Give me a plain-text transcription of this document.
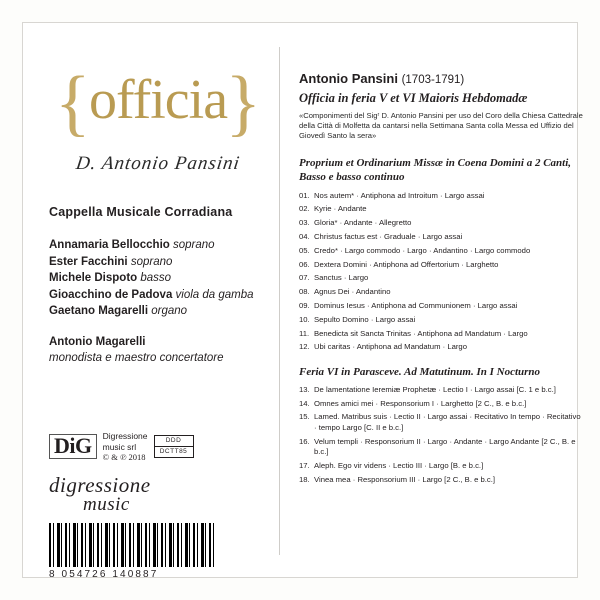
{ }
officia
D. Antonio Pansini
Cappella Musicale Corradiana
Annamaria Bellocchio soprano
Ester Facchini soprano
Michele Dispoto basso
Gioacchino de Padova viola da gamba
Gaetano Magarelli organo
Antonio Magarelli
monodista e maestro concertatore
DiG	Digressione
music srl
© & ℗ 2018
DDD
DCTT85
digressione
music
8 054726 140887
Antonio Pansini (1703-1791)
Officia in feria V et VI Maioris Hebdomadæ
«Componimenti del Sigʳ D. Antonio Pansini per uso del Coro della Chiesa Cattedrale della Città di Molfetta da cantarsi nella Settimana Santa colla Messa ed Uffizio del Giovedì Santo la sera»
Proprium et Ordinarium Missæ in Coena Domini a 2 Canti, Basso e basso continuo
01. Nos autem* · Antiphona ad Introitum · Largo assai
02. Kyrie · Andante
03. Gloria* · Andante · Allegretto
04. Christus factus est · Graduale · Largo assai
05. Credo* · Largo commodo · Largo · Andantino · Largo commodo
06. Dextera Domini · Antiphona ad Offertorium · Larghetto
07. Sanctus · Largo
08. Agnus Dei · Andantino
09. Dominus Iesus · Antiphona ad Communionem · Largo assai
10. Sepulto Domino · Largo assai
11. Benedicta sit Sancta Trinitas · Antiphona ad Mandatum · Largo
12. Ubi caritas · Antiphona ad Mandatum · Largo
Feria VI in Parasceve. Ad Matutinum. In I Nocturno
13. De lamentatione Ieremiæ Prophetæ · Lectio I · Largo assai [C. 1 e b.c.]
14. Omnes amici mei · Responsorium I · Larghetto [2 C., B. e b.c.]
15. Lamed. Matribus suis · Lectio II · Largo assai · Recitativo In tempo · Recitativo · tempo Largo [C. II e b.c.]
16. Velum templi · Responsorium II · Largo · Andante · Largo Andante [2 C., B. e b.c.]
17. Aleph. Ego vir videns · Lectio III · Largo [B. e b.c.]
18. Vinea mea · Responsorium III · Largo [2 C., B. e b.c.]
